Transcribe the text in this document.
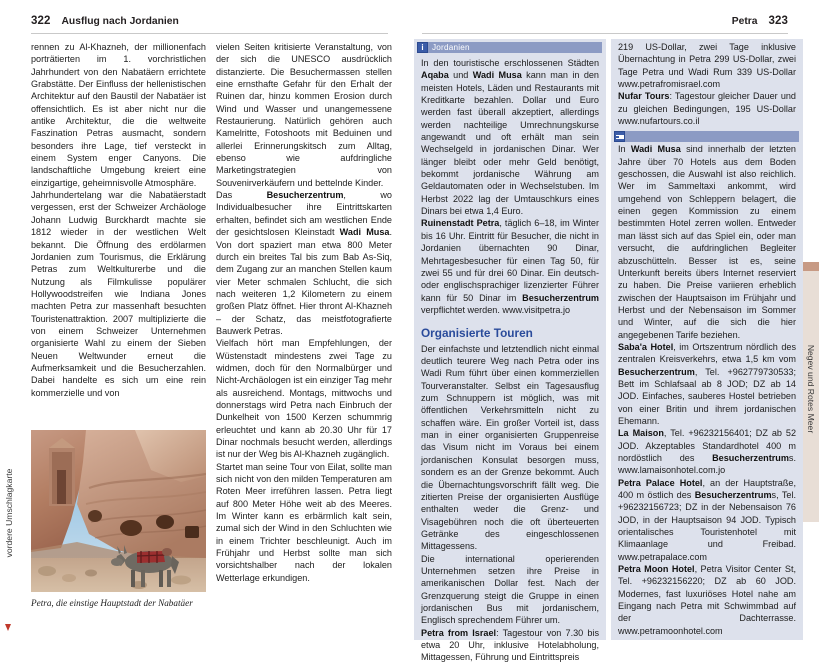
322 Ausflug nach Jordanien

rennen zu Al-Khazneh, der millionenfach porträtierten im 1. vorchristlichen Jahrhundert von den Nabatäern errichtete Grabstätte. Der Einfluss der hellenistischen Architektur auf den Baustil der Nabatäer ist offensichtlich. Es ist aber nicht nur die antike Architektur, die die weltweite Faszination Petras ausmacht, sondern besonders ihre Lage, tief versteckt in einem System enger Canyons. Die landschaftliche Umgebung kreiert eine einzigartige, geheimnisvolle Atmosphäre.

Jahrhundertelang war die Nabatäerstadt vergessen, erst der Schweizer Archäologe Johann Ludwig Burckhardt machte sie 1812 wieder in der westlichen Welt bekannt. Die Öffnung des erdölarmen Jordanien zum Tourismus, die Erklärung Petras zum Weltkulturerbe und die Nutzung als Filmkulisse populärer Hollywoodstreifen wie Indiana Jones machten Petra zur massenhaft besuchten Touristenattraktion. 2007 multiplizierte die von einem Schweizer Unternehmen organisierte Wahl zu einem der Sieben Neuen Weltwunder erneut die Aufmerksamkeit und die Besucherzahlen. Dabei handelte es sich um eine rein kommerzielle und von

vielen Seiten kritisierte Veranstaltung, von der sich die UNESCO ausdrücklich distanzierte. Die Besuchermassen stellen eine ernsthafte Gefahr für den Erhalt der Ruinen dar, hinzu kommen Erosion durch Wind und Wasser und unangemessene Restaurierung. Natürlich gehören auch Kamelritte, Fotoshoots mit Beduinen und allerlei Erinnerungskitsch zum Alltag, ebenso wie aufdringliche Marketingstrategien von Souvenirverkäufern und bettelnde Kinder.

Das Besucherzentrum, wo Individualbesucher ihre Eintrittskarten erhalten, befindet sich am westlichen Ende der gesichtslosen Kleinstadt Wadi Musa. Von dort spaziert man etwa 800 Meter durch ein breites Tal bis zum Bab As-Siq, dem Zugang zur an manchen Stellen kaum vier Meter schmalen Schlucht, die sich nach weiteren 1,2 Kilometern zu einem großen Platz öffnet. Hier thront Al-Khazneh – der Schatz, das meistfotografierte Bauwerk Petras.

Vielfach hört man Empfehlungen, der Wüstenstadt mindestens zwei Tage zu widmen, doch für den Normalbürger und Nicht-Archäologen ist ein einziger Tag mehr als ausreichend. Montags, mittwochs und donnerstags wird Petra nach Einbruch der Dunkelheit von 1500 Kerzen schummrig erleuchtet und kann ab 20.30 Uhr für 17 Dinar nochmals besucht werden, allerdings ist nur der Weg bis Al-Khazneh zugänglich.

Startet man seine Tour von Eilat, sollte man sich nicht von den milden Temperaturen am Roten Meer irreführen lassen. Petra liegt auf 800 Meter Höhe weit ab des Meeres. Im Winter kann es erbärmlich kalt sein, zumal sich der Wind in den Schluchten wie in einem Trichter beschleunigt. Auch im Frühjahr und Herbst sollte man sich vorsichtshalber nach der lokalen Wetterlage erkundigen.

Petra, die einstige Hauptstadt der Nabatäer
vordere Umschlagkarte
Petra 323
Negev und Rotes Meer
i	Jordanien

In den touristische erschlossenen Städten Aqaba und Wadi Musa kann man in den meisten Hotels, Läden und Restaurants mit Kreditkarte bezahlen. Dollar und Euro werden fast überall akzeptiert, allerdings werden nachteilige Umrechnungskurse angewandt und oft erhält man sein Wechselgeld in jordanischen Dinar. Wer länger bleibt oder mehr Geld benötigt, bekommt jordanische Währung am Geldautomaten oder in Wechselstuben. Im Herbst 2022 lag der Umtauschkurs eines Dinars bei etwa 1,4 Euro.

Ruinenstadt Petra, täglich 6–18, im Winter bis 16 Uhr. Eintritt für Besucher, die nicht in Jordanien übernachten 90 Dinar, Mehrtagesbesucher für einen Tag 50, für zwei 55 und für drei 60 Dinar. Ein deutsch- oder englischsprachiger lizenzierter Führer kann für 50 Dinar im Besucherzentrum verpflichtet werden. www.visitpetra.jo

Organisierte Touren

Der einfachste und letztendlich nicht einmal deutlich teurere Weg nach Petra oder ins Wadi Rum führt über einen kommerziellen Tourveranstalter. Selbst ein Tagesausflug zum Schnuppern ist möglich, was mit öffentlichen Verkehrsmitteln nicht zu schaffen wäre. Ein großer Vorteil ist, dass man in einer organisierten Gruppenreise das Visum nicht im Voraus bei einem jordanischen Konsulat besorgen muss, sondern es an der Grenze bekommt. Auch die Übernachtungsvorschrift fällt weg. Die zitierten Preise der organisierten Ausflüge enthalten weder die Grenz- und Visagebühren noch die oft überteuerten Getränke des eingeschlossenen Mittagessens.

Die international operierenden Unternehmen setzen ihre Preise in amerikanischen Dollar fest. Nach der Grenzquerung steigt die Gruppe in einen jordanischen Bus mit jordanischem, Englisch sprechendem Führer um.

Petra from Israel: Tagestour von 7.30 bis etwa 20 Uhr, inklusive Hotelabholung, Mittagessen, Führung und Eintrittspreis

219 US-Dollar, zwei Tage inklusive Übernachtung in Petra 299 US-Dollar, zwei Tage Petra und Wadi Rum 339 US-Dollar www.petrafromisrael.com

Nufar Tours: Tagestour gleicher Dauer und zu gleichen Bedingungen, 195 US-Dollar www.nufartours.co.il

In Wadi Musa sind innerhalb der letzten Jahre über 70 Hotels aus dem Boden geschossen, die Auswahl ist also reichlich. Wer im Sammeltaxi ankommt, wird umgehend von Schleppern belagert, die einen gegen Kommission zu einem bestimmten Hotel zerren wollen. Entweder man lässt sich auf das Spiel ein, oder man versucht, die aufdringlichen Begleiter abzuschütteln. Besser ist es, seine Unterkunft bereits übers Internet reserviert zu haben. Die Preise variieren erheblich zwischen der Hauptsaison im Frühjahr und Herbst und der Nebensaison im Sommer und Winter, auf die sich die hier angegebenen Tarife beziehen.

Saba'a Hotel, im Ortszentrum nördlich des zentralen Kreisverkehrs, etwa 1,5 km vom Besucherzentrum, Tel. +962779730533; Bett im Schlafsaal ab 8 JOD; DZ ab 14 JOD. Einfaches, sauberes Hostel betrieben von einer Britin und ihrem jordanischen Ehemann.

La Maison, Tel. +96232156401; DZ ab 52 JOD. Akzeptables Standardhotel 400 m nordöstlich des Besucherzentrums. www.lamaisonhotel.com.jo

Petra Palace Hotel, an der Hauptstraße, 400 m östlich des Besucherzentrums, Tel. +96232156723; DZ in der Nebensaison 76 JOD, in der Hauptsaison 94 JOD. Typisch orientalisches Touristenhotel mit Klimaanlage und Freibad. www.petrapalace.com

Petra Moon Hotel, Petra Visitor Center St, Tel. +96232156220; DZ ab 60 JOD. Modernes, fast luxuriöses Hotel nahe am Eingang nach Petra mit Schwimmbad auf der Dachterrasse. www.petramoonhotel.com
